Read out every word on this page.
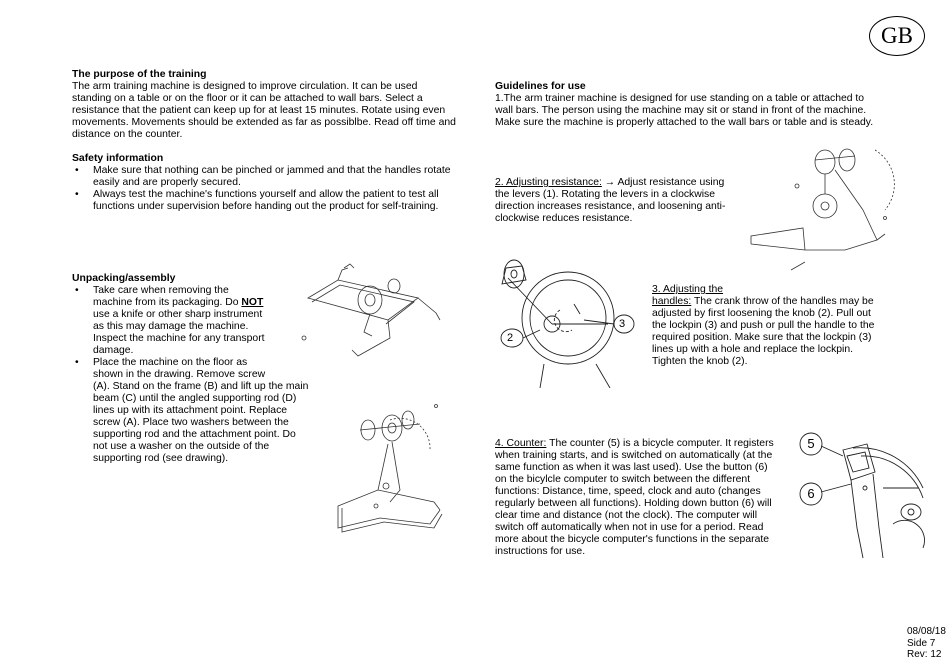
GB

The purpose of the training

The arm training machine is designed to improve circulation. It can be used

standing on a table or on the floor or it can be attached to wall bars. Select a

resistance that the patient can keep up for at least 15 minutes. Rotate using even

movements. Movements should be extended as far as possiblbe. Read off time and

distance on the counter.

Safety information

• Make sure that nothing can be pinched or jammed and that the handles rotate
easily and are properly secured.
• Always test the machine's functions yourself and allow the patient to test all
functions under supervision before handing out the product for self-training.

Unpacking/assembly

• Take care when removing the
machine from its packaging. Do NOT
use a knife or other sharp instrument
as this may damage the machine.
Inspect the machine for any transport
damage.
• Place the machine on the floor as
shown in the drawing. Remove screw
(A). Stand on the frame (B) and lift up the main
beam (C) until the angled supporting rod (D)
lines up with its attachment point. Replace
screw (A). Place two washers between the
supporting rod and the attachment point. Do
not use a washer on the outside of the
supporting rod (see drawing).

Guidelines for use

1.The arm trainer machine is designed for use standing on a table or attached to

wall bars. The person using the machine may sit or stand in front of the machine.

Make sure the machine is properly attached to the wall bars or table and is steady.

2. Adjusting resistance: → Adjust resistance using
the levers (1). Rotating the levers in a clockwise
direction increases resistance, and loosening anti-
clockwise reduces resistance.
2
3
3. Adjusting the
handles: The crank throw of the handles may be
adjusted by first loosening the knob (2). Pull out
the lockpin (3) and push or pull the handle to the
required position. Make sure that the lockpin (3)
lines up with a hole and replace the lockpin.
Tighten the knob (2).
4. Counter: The counter (5) is a bicycle computer. It registers
when training starts, and is switched on automatically (at the
same function as when it was last used). Use the button (6)
on the bicylcle computer to switch between the different
functions: Distance, time, speed, clock and auto (changes
regularly between all functions). Holding down button (6) will
clear time and distance (not the clock). The computer will
switch off automatically when not in use for a period. Read
more about the bicycle computer's functions in the separate
instructions for use.
5
6
08/08/18
Side 7
Rev: 12
